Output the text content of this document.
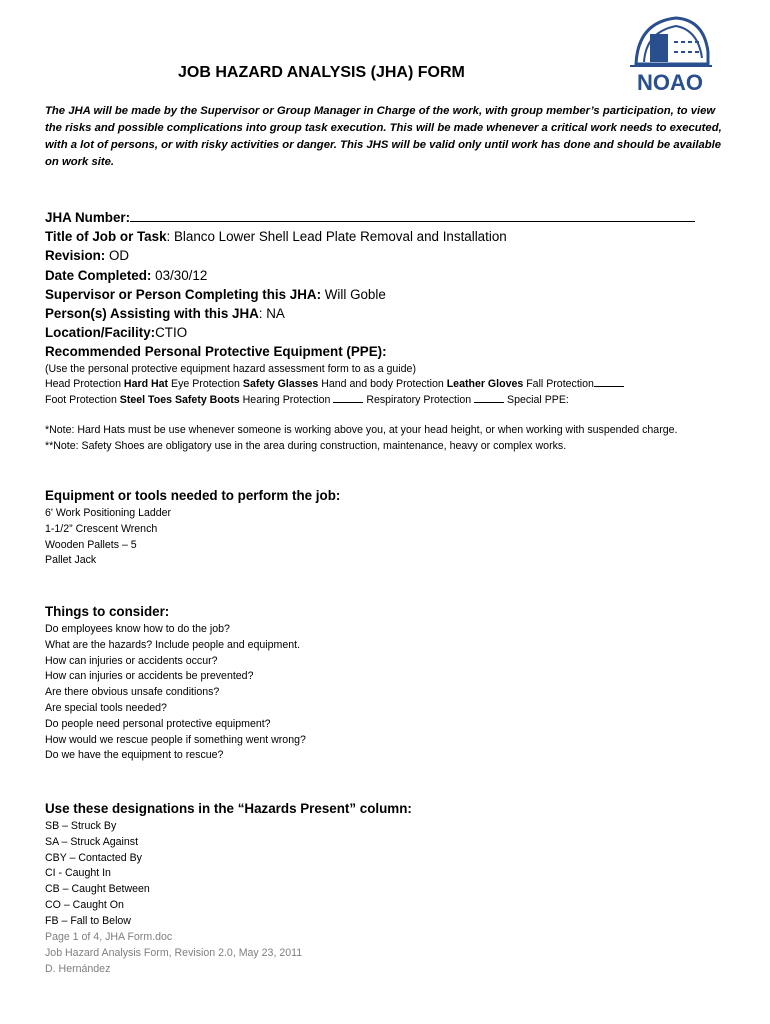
NOAO
JOB HAZARD ANALYSIS (JHA) FORM
The JHA will be made by the Supervisor or Group Manager in Charge of the work, with group member’s participation, to view the risks and possible complications into group task execution. This will be made whenever a critical work needs to executed, with a lot of persons, or with risky activities or danger. This JHS will be valid only until work has done and should be available on work site.
JHA Number:
Title of Job or Task: Blanco Lower Shell Lead Plate Removal and Installation
Revision: OD
Date Completed: 03/30/12
Supervisor or Person Completing this JHA: Will Goble
Person(s) Assisting with this JHA: NA
Location/Facility:CTIO
Recommended Personal Protective Equipment (PPE):
(Use the personal protective equipment hazard assessment form to as a guide)
Head Protection Hard Hat Eye Protection Safety Glasses Hand and body Protection Leather Gloves Fall Protection
Foot Protection Steel Toes Safety Boots Hearing Protection	Respiratory Protection	Special PPE:
*Note: Hard Hats must be use whenever someone is working above you, at your head height, or when working with suspended charge.
**Note: Safety Shoes are obligatory use in the area during construction, maintenance, heavy or complex works.
Equipment or tools needed to perform the job:
6' Work Positioning Ladder
1-1/2” Crescent Wrench
Wooden Pallets – 5
Pallet Jack
Things to consider:
Do employees know how to do the job?
What are the hazards? Include people and equipment.
How can injuries or accidents occur?
How can injuries or accidents be prevented?
Are there obvious unsafe conditions?
Are special tools needed?
Do people need personal protective equipment?
How would we rescue people if something went wrong?
Do we have the equipment to rescue?
Use these designations in the “Hazards Present” column:
SB – Struck By
SA – Struck Against
CBY – Contacted By
CI - Caught In
CB – Caught Between
CO – Caught On
FB – Fall to Below
Page 1 of 4, JHA Form.doc
Job Hazard Analysis Form, Revision 2.0, May 23, 2011
D. Hernández
